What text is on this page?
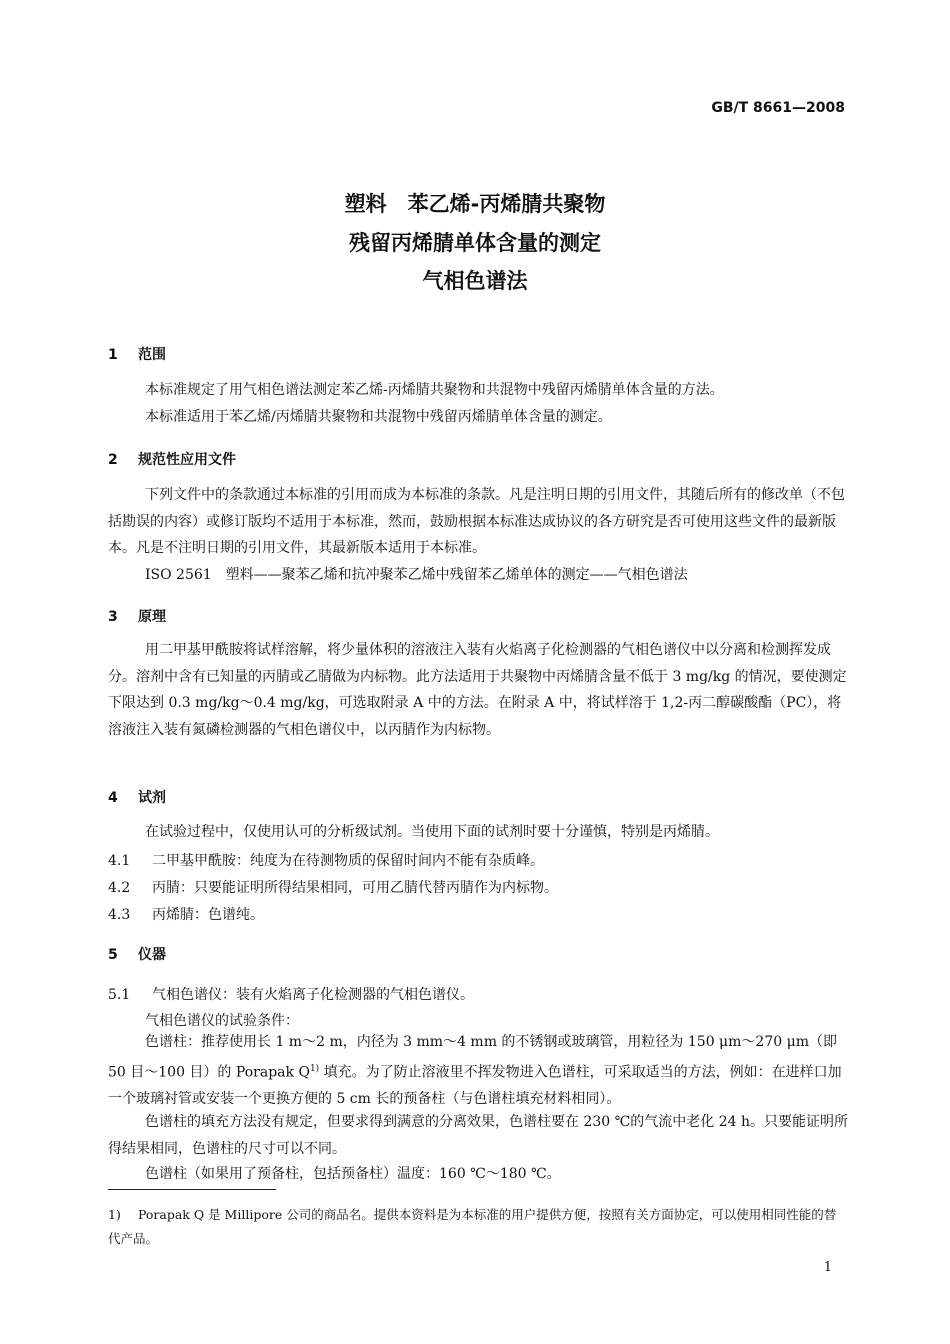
GB/T 8661—2008
塑料　苯乙烯-丙烯腈共聚物
残留丙烯腈单体含量的测定
气相色谱法
1 范围
本标准规定了用气相色谱法测定苯乙烯-丙烯腈共聚物和共混物中残留丙烯腈单体含量的方法。
本标准适用于苯乙烯/丙烯腈共聚物和共混物中残留丙烯腈单体含量的测定。
2 规范性应用文件
下列文件中的条款通过本标准的引用而成为本标准的条款。凡是注明日期的引用文件，其随后所有的修改单（不包括勘误的内容）或修订版均不适用于本标准，然而，鼓励根据本标准达成协议的各方研究是否可使用这些文件的最新版本。凡是不注明日期的引用文件，其最新版本适用于本标准。
ISO 2561　塑料——聚苯乙烯和抗冲聚苯乙烯中残留苯乙烯单体的测定——气相色谱法
3 原理
用二甲基甲酰胺将试样溶解，将少量体积的溶液注入装有火焰离子化检测器的气相色谱仪中以分离和检测挥发成分。溶剂中含有已知量的丙腈或乙腈做为内标物。此方法适用于共聚物中丙烯腈含量不低于 3 mg/kg 的情况，要使测定下限达到 0.3 mg/kg～0.4 mg/kg，可选取附录 A 中的方法。在附录 A 中，将试样溶于 1,2-丙二醇碳酸酯（PC），将溶液注入装有氮磷检测器的气相色谱仪中，以丙腈作为内标物。
4 试剂
在试验过程中，仅使用认可的分析级试剂。当使用下面的试剂时要十分谨慎，特别是丙烯腈。
4.1 二甲基甲酰胺：纯度为在待测物质的保留时间内不能有杂质峰。
4.2 丙腈：只要能证明所得结果相同，可用乙腈代替丙腈作为内标物。
4.3 丙烯腈：色谱纯。
5 仪器
5.1 气相色谱仪：装有火焰离子化检测器的气相色谱仪。
气相色谱仪的试验条件：
色谱柱：推荐使用长 1 m～2 m，内径为 3 mm～4 mm 的不锈钢或玻璃管，用粒径为 150 μm～270 μm（即 50 目～100 目）的 Porapak $Q^{1)}$ 填充。为了防止溶液里不挥发物进入色谱柱，可采取适当的方法，例如：在进样口加一个玻璃衬管或安装一个更换方便的 5 cm 长的预备柱（与色谱柱填充材料相同）。
色谱柱的填充方法没有规定，但要求得到满意的分离效果，色谱柱要在 230 ℃的气流中老化 24 h。只要能证明所得结果相同，色谱柱的尺寸可以不同。
色谱柱（如果用了预备柱，包括预备柱）温度：160 ℃～180 ℃。
1) Porapak Q 是 Millipore 公司的商品名。提供本资料是为本标准的用户提供方便，按照有关方面协定，可以使用相同性能的替代产品。
1
